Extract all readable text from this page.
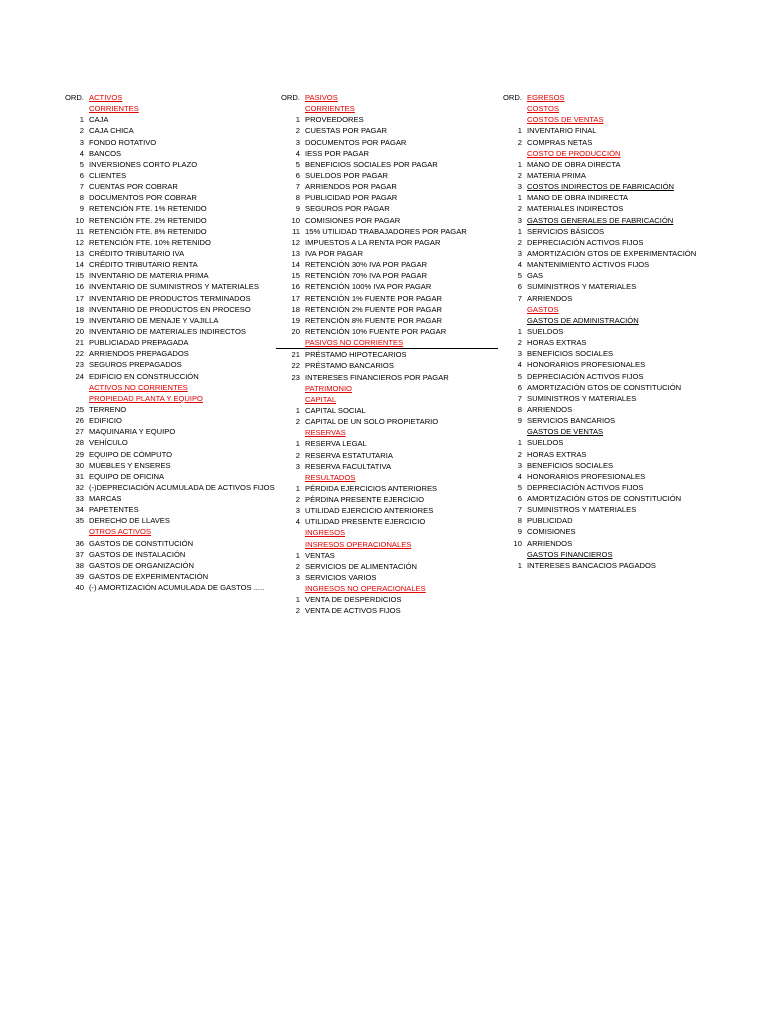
ORD. ACTIVOS
CORRIENTES
1 CAJA
2 CAJA CHICA
3 FONDO ROTATIVO
4 BANCOS
5 INVERSIONES CORTO PLAZO
6 CLIENTES
7 CUENTAS POR COBRAR
8 DOCUMENTOS POR COBRAR
9 RETENCIÓN FTE. 1% RETENIDO
10 RETENCIÓN FTE. 2% RETENIDO
11 RETENCIÓN FTE. 8% RETENIDO
12 RETENCIÓN FTE. 10% RETENIDO
13 CRÉDITO TRIBUTARIO IVA
14 CRÉDITO TRIBUTARIO RENTA
15 INVENTARIO DE MATERIA PRIMA
16 INVENTARIO DE SUMINISTROS Y MATERIALES
17 INVENTARIO DE PRODUCTOS TERMINADOS
18 INVENTARIO DE PRODUCTOS EN PROCESO
19 INVENTARIO DE MENAJE Y VAJILLA
20 INVENTARIO DE MATERIALES INDIRECTOS
21 PUBLICIADAD PREPAGADA
22 ARRIENDOS PREPAGADOS
23 SEGUROS PREPAGADOS
24 EDIFICIO EN CONSTRUCCIÓN
ACTIVOS NO CORRIENTES
PROPIEDAD PLANTA Y EQUIPO
25 TERRENO
26 EDIFICIO
27 MAQUINARIA Y EQUIPO
28 VEHÍCULO
29 EQUIPO DE CÓMPUTO
30 MUEBLES Y ENSERES
31 EQUIPO DE OFICINA
32 (-)DEPRECIACIÓN ACUMULADA DE ACTIVOS FIJOS
33 MARCAS
34 PAPETENTES
35 DERECHO DE LLAVES
OTROS ACTIVOS
36 GASTOS DE CONSTITUCIÓN
37 GASTOS DE INSTALACIÓN
38 GASTOS DE ORGANIZACIÓN
39 GASTOS DE EXPERIMENTACIÓN
40 (-) AMORTIZACIÓN ACUMULADA DE GASTOS .....
ORD. PASIVOS
CORRIENTES
1 PROVEEDORES
2 CUESTAS POR PAGAR
3 DOCUMENTOS POR PAGAR
4 IESS POR PAGAR
5 BENEFICIOS SOCIALES POR PAGAR
6 SUELDOS POR PAGAR
7 ARRIENDOS POR PAGAR
8 PUBLICIDAD POR PAGAR
9 SEGUROS POR PAGAR
10 COMISIONES POR PAGAR
11 15% UTILIDAD TRABAJADORES POR PAGAR
12 IMPUESTOS A LA RENTA POR PAGAR
13 IVA POR PAGAR
14 RETENCIÓN 30% IVA POR PAGAR
15 RETENCIÓN 70% IVA POR PAGAR
16 RETENCIÓN 100% IVA POR PAGAR
17 RETENCIÓN 1% FUENTE POR PAGAR
18 RETENCIÓN 2% FUENTE POR PAGAR
19 RETENCIÓN 8% FUENTE POR PAGAR
20 RETENCIÓN 10% FUENTE POR PAGAR
PASIVOS NO CORRIENTES
21 PRÉSTAMO HIPOTECARIOS
22 PRÉSTAMO BANCARIOS
23 INTERESES FINANCIEROS POR PAGAR
PATRIMONIO
CAPITAL
1 CAPITAL SOCIAL
2 CAPITAL DE UN SOLO PROPIETARIO
RESERVAS
1 RESERVA LEGAL
2 RESERVA ESTATUTARIA
3 RESERVA FACULTATIVA
RESULTADOS
1 PÉRDIDA EJERCICIOS ANTERIORES
2 PÉRDINA PRESENTE EJERCICIO
3 UTILIDAD EJERCICIO ANTERIORES
4 UTILIDAD PRESENTE EJERCICIO
INGRESOS
INSRESOS OPERACIONALES
1 VENTAS
2 SERVICIOS DE ALIMENTACIÓN
3 SERVICIOS VARIOS
INGRESOS NO OPERACIONALES
1 VENTA DE DESPERDICIOS
2 VENTA DE ACTIVOS FIJOS
ORD. EGRESOS
COSTOS
COSTOS DE VENTAS
1 INVENTARIO FINAL
2 COMPRAS NETAS
COSTO DE PRODUCCIÓN
1 MANO DE OBRA DIRECTA
2 MATERIA PRIMA
3 COSTOS INDIRECTOS DE FABRICACIÓN
1 MANO DE OBRA INDIRECTA
2 MATERIALES INDIRECTOS
3 GASTOS GENERALES DE FABRICACIÓN
1 SERVICIOS BÁSICOS
2 DEPRECIACIÓN ACTIVOS FIJOS
3 AMORTIZACIÓN GTOS DE EXPERIMENTACIÓN
4 MANTENIMIENTO ACTIVOS FIJOS
5 GAS
6 SUMINISTROS Y MATERIALES
7 ARRIENDOS
GASTOS
GASTOS DE ADMINISTRACIÓN
1 SUELDOS
2 HORAS EXTRAS
3 BENEFICIOS SOCIALES
4 HONORARIOS PROFESIONALES
5 DEPRECIACIÓN ACTIVOS FIJOS
6 AMORTIZACIÓN GTOS DE CONSTITUCIÓN
7 SUMINISTROS Y MATERIALES
8 ARRIENDOS
9 SERVICIOS BANCARIOS
GASTOS DE VENTAS
1 SUELDOS
2 HORAS EXTRAS
3 BENEFICIOS SOCIALES
4 HONORARIOS PROFESIONALES
5 DEPRECIACIÓN ACTIVOS FIJOS
6 AMORTIZACIÓN GTOS DE CONSTITUCIÓN
7 SUMINISTROS Y MATERIALES
8 PUBLICIDAD
9 COMISIONES
10 ARRIENDOS
GASTOS FINANCIEROS
1 INTERESES BANCACIOS PAGADOS
